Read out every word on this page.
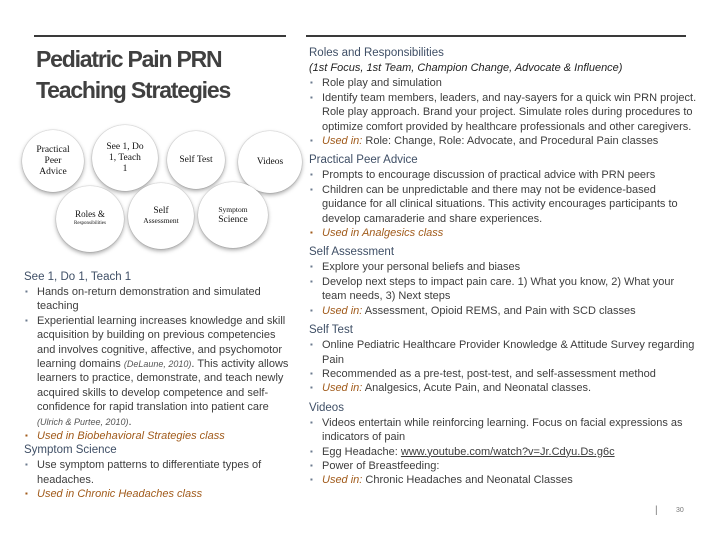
Pediatric Pain PRN
Teaching Strategies
Practical
Peer
Advice
See 1, Do
1, Teach
1
Self Test	Videos
Roles &
Responsibilities
Self
Assessment
Symptom
Science
See 1, Do 1, Teach 1
▪ Hands on-return demonstration and simulated teaching
▪ Experiential learning increases knowledge and skill acquisition by building on previous competencies and involves cognitive, affective, and psychomotor learning domains (DeLaune, 2010). This activity allows learners to practice, demonstrate, and teach newly acquired skills to develop competence and self-confidence for rapid translation into patient care (Ulrich & Purtee, 2010).
▪ Used in Biobehavioral Strategies class
Symptom Science
▪ Use symptom patterns to differentiate types of headaches.
▪ Used in Chronic Headaches class
Roles and Responsibilities
(1st Focus, 1st Team, Champion Change, Advocate & Influence)
▪ Role play and simulation
▪ Identify team members, leaders, and nay-sayers for a quick win PRN project. Role play approach. Brand your project. Simulate roles during procedures to optimize comfort provided by healthcare professionals and other caregivers.
▪ Used in: Role: Change, Role: Advocate, and Procedural Pain classes
Practical Peer Advice
▪ Prompts to encourage discussion of practical advice with PRN peers
▪ Children can be unpredictable and there may not be evidence-based guidance for all clinical situations. This activity encourages participants to develop camaraderie and share experiences.
▪ Used in Analgesics class
Self Assessment
▪ Explore your personal beliefs and biases
▪ Develop next steps to impact pain care. 1) What you know, 2) What your team needs, 3) Next steps
▪ Used in: Assessment, Opioid REMS, and Pain with SCD classes
Self Test
▪ Online Pediatric Healthcare Provider Knowledge & Attitude Survey regarding Pain
▪ Recommended as a pre-test, post-test, and self-assessment method
▪ Used in: Analgesics, Acute Pain, and Neonatal classes.
Videos
▪ Videos entertain while reinforcing learning. Focus on facial expressions as indicators of pain
▪ Egg Headache: www.youtube.com/watch?v=Jr.Cdyu.Ds.g6c
▪ Power of Breastfeeding:
▪ Used in: Chronic Headaches and Neonatal Classes
|	30
